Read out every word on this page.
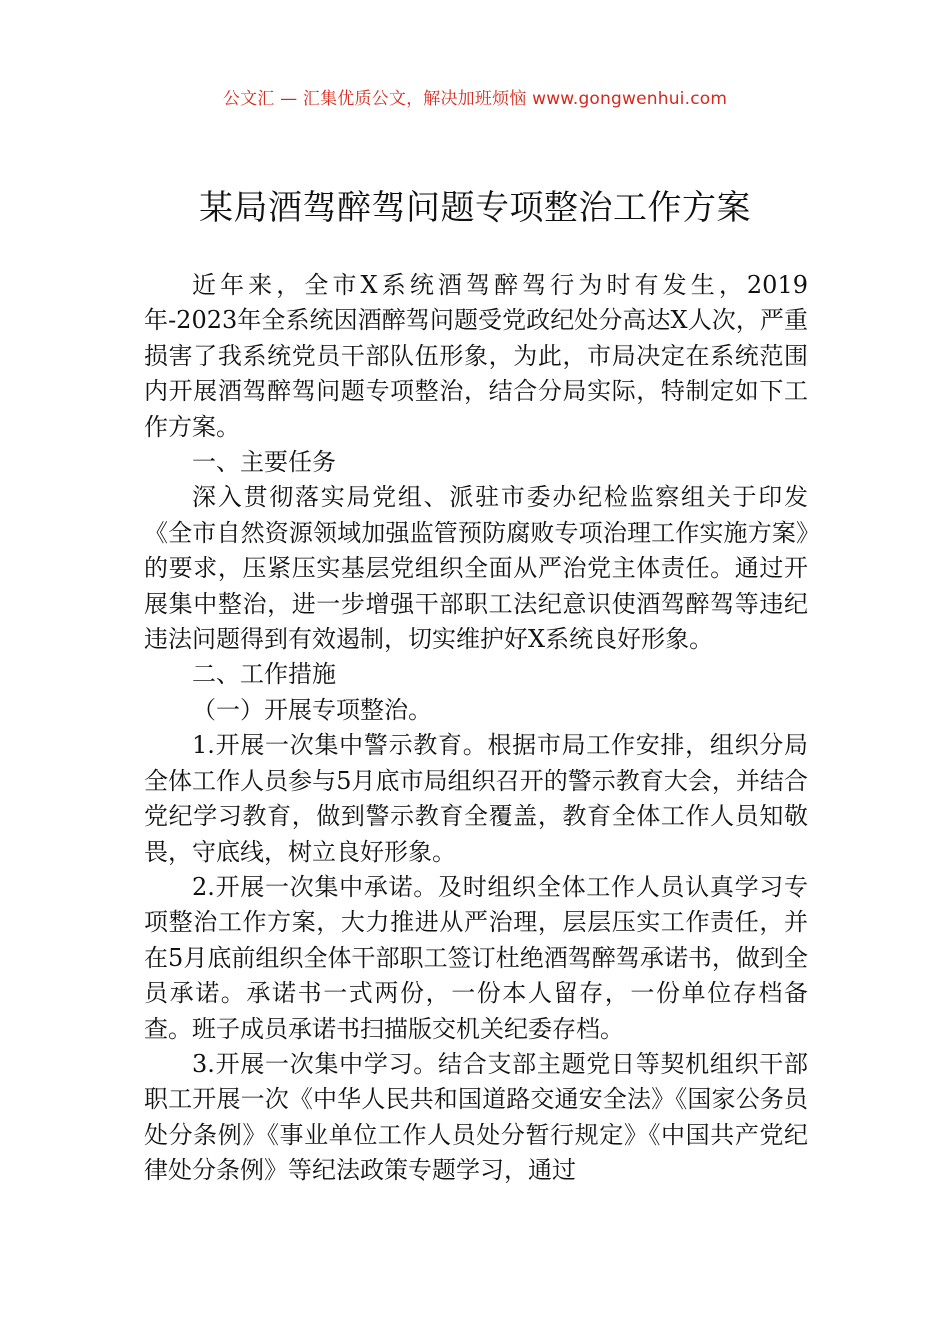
公文汇 — 汇集优质公文，解决加班烦恼 www.gongwenhui.com
某局酒驾醉驾问题专项整治工作方案

近年来，全市X系统酒驾醉驾行为时有发生，2019年-2023年全系统因酒醉驾问题受党政纪处分高达X人次，严重损害了我系统党员干部队伍形象，为此，市局决定在系统范围内开展酒驾醉驾问题专项整治，结合分局实际，特制定如下工作方案。

一、主要任务

深入贯彻落实局党组、派驻市委办纪检监察组关于印发《全市自然资源领域加强监管预防腐败专项治理工作实施方案》的要求，压紧压实基层党组织全面从严治党主体责任。通过开展集中整治，进一步增强干部职工法纪意识使酒驾醉驾等违纪违法问题得到有效遏制，切实维护好X系统良好形象。

二、工作措施

（一）开展专项整治。

1.开展一次集中警示教育。根据市局工作安排，组织分局全体工作人员参与5月底市局组织召开的警示教育大会，并结合党纪学习教育，做到警示教育全覆盖，教育全体工作人员知敬畏，守底线，树立良好形象。

2.开展一次集中承诺。及时组织全体工作人员认真学习专项整治工作方案，大力推进从严治理，层层压实工作责任，并在5月底前组织全体干部职工签订杜绝酒驾醉驾承诺书，做到全员承诺。承诺书一式两份，一份本人留存，一份单位存档备查。班子成员承诺书扫描版交机关纪委存档。

3.开展一次集中学习。结合支部主题党日等契机组织干部职工开展一次《中华人民共和国道路交通安全法》《国家公务员处分条例》《事业单位工作人员处分暂行规定》《中国共产党纪律处分条例》等纪法政策专题学习，通过
